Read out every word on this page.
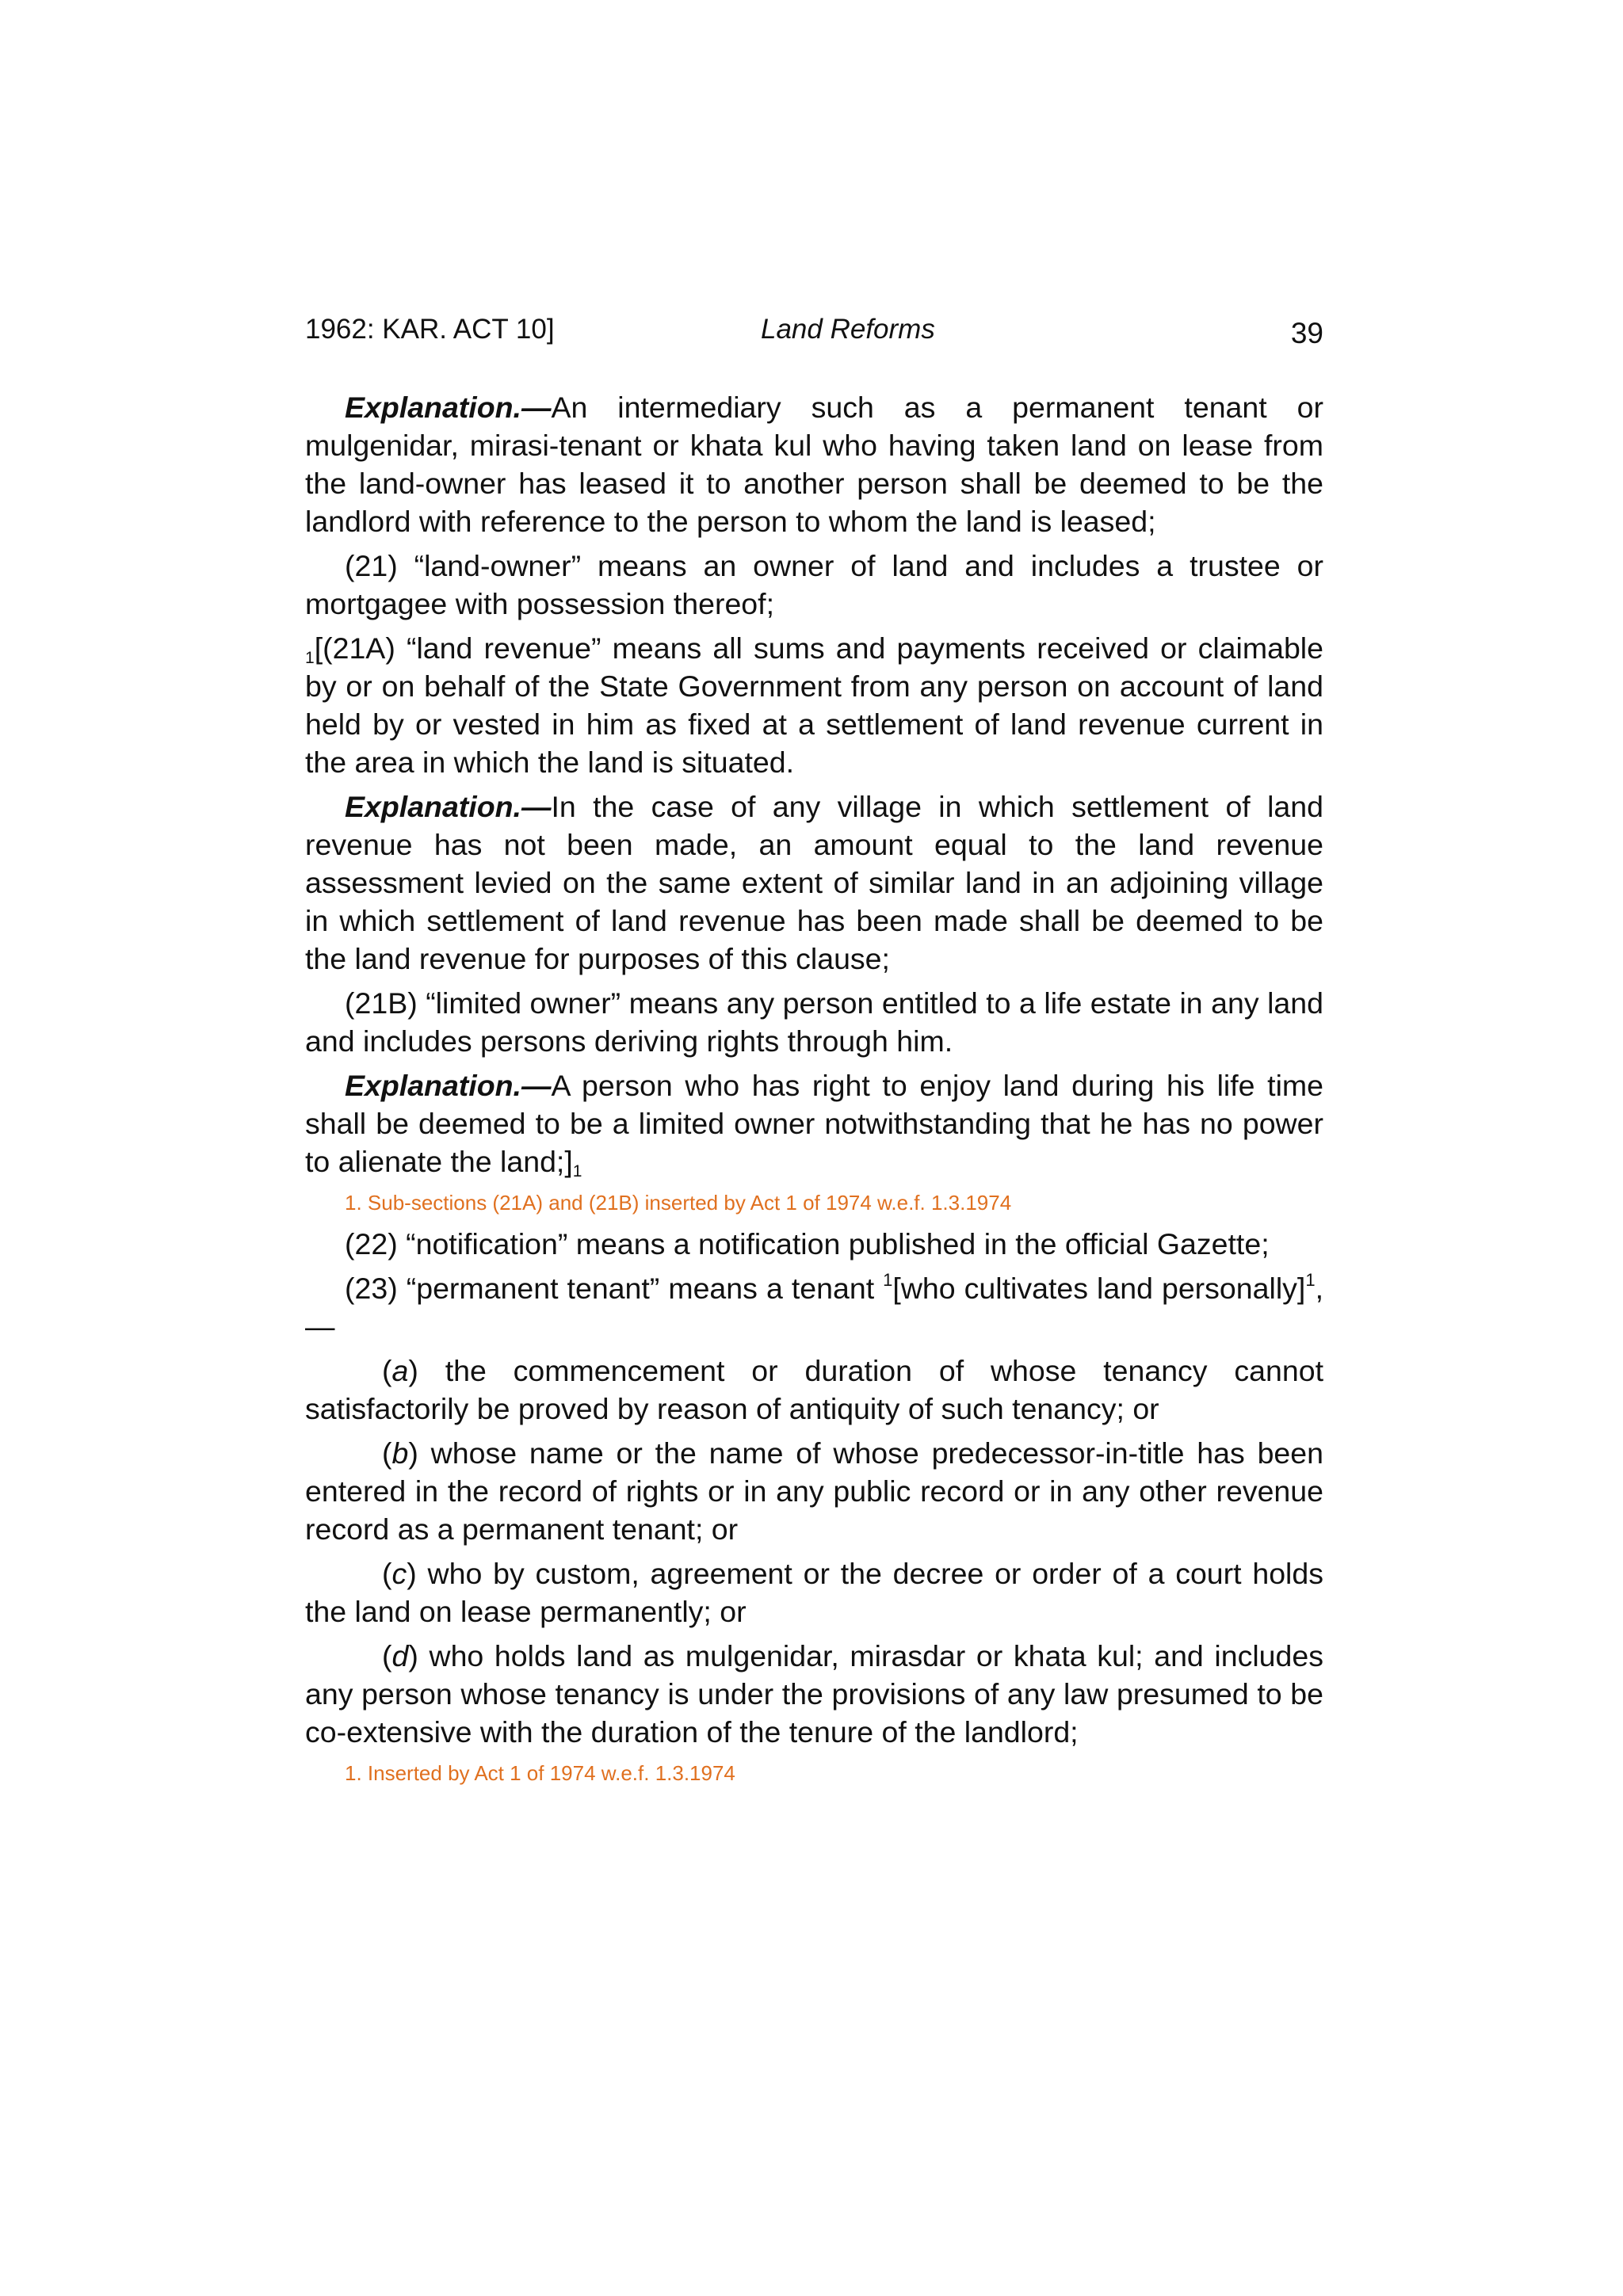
1962: KAR. ACT 10]	Land Reforms	39

Explanation.—An intermediary such as a permanent tenant or mulgenidar, mirasi-tenant or khata kul who having taken land on lease from the land-owner has leased it to another person shall be deemed to be the landlord with reference to the person to whom the land is leased;

(21) “land-owner” means an owner of land and includes a trustee or mortgagee with possession thereof;

1[(21A) “land revenue” means all sums and payments received or claimable by or on behalf of the State Government from any person on account of land held by or vested in him as fixed at a settlement of land revenue current in the area in which the land is situated.

Explanation.—In the case of any village in which settlement of land revenue has not been made, an amount equal to the land revenue assessment levied on the same extent of similar land in an adjoining village in which settlement of land revenue has been made shall be deemed to be the land revenue for purposes of this clause;

(21B) “limited owner” means any person entitled to a life estate in any land and includes persons deriving rights through him.

Explanation.—A person who has right to enjoy land during his life time shall be deemed to be a limited owner notwithstanding that he has no power to alienate the land;]1

1. Sub-sections (21A) and (21B) inserted by Act 1 of 1974 w.e.f. 1.3.1974

(22) “notification” means a notification published in the official Gazette;

(23) “permanent tenant” means a tenant $^1$[who cultivates land personally]$^1$,—

(a) the commencement or duration of whose tenancy cannot satisfactorily be proved by reason of antiquity of such tenancy; or

(b) whose name or the name of whose predecessor-in-title has been entered in the record of rights or in any public record or in any other revenue record as a permanent tenant; or

(c) who by custom, agreement or the decree or order of a court holds the land on lease permanently; or

(d) who holds land as mulgenidar, mirasdar or khata kul; and includes any person whose tenancy is under the provisions of any law presumed to be co-extensive with the duration of the tenure of the landlord;

1. Inserted by Act 1 of 1974 w.e.f. 1.3.1974
